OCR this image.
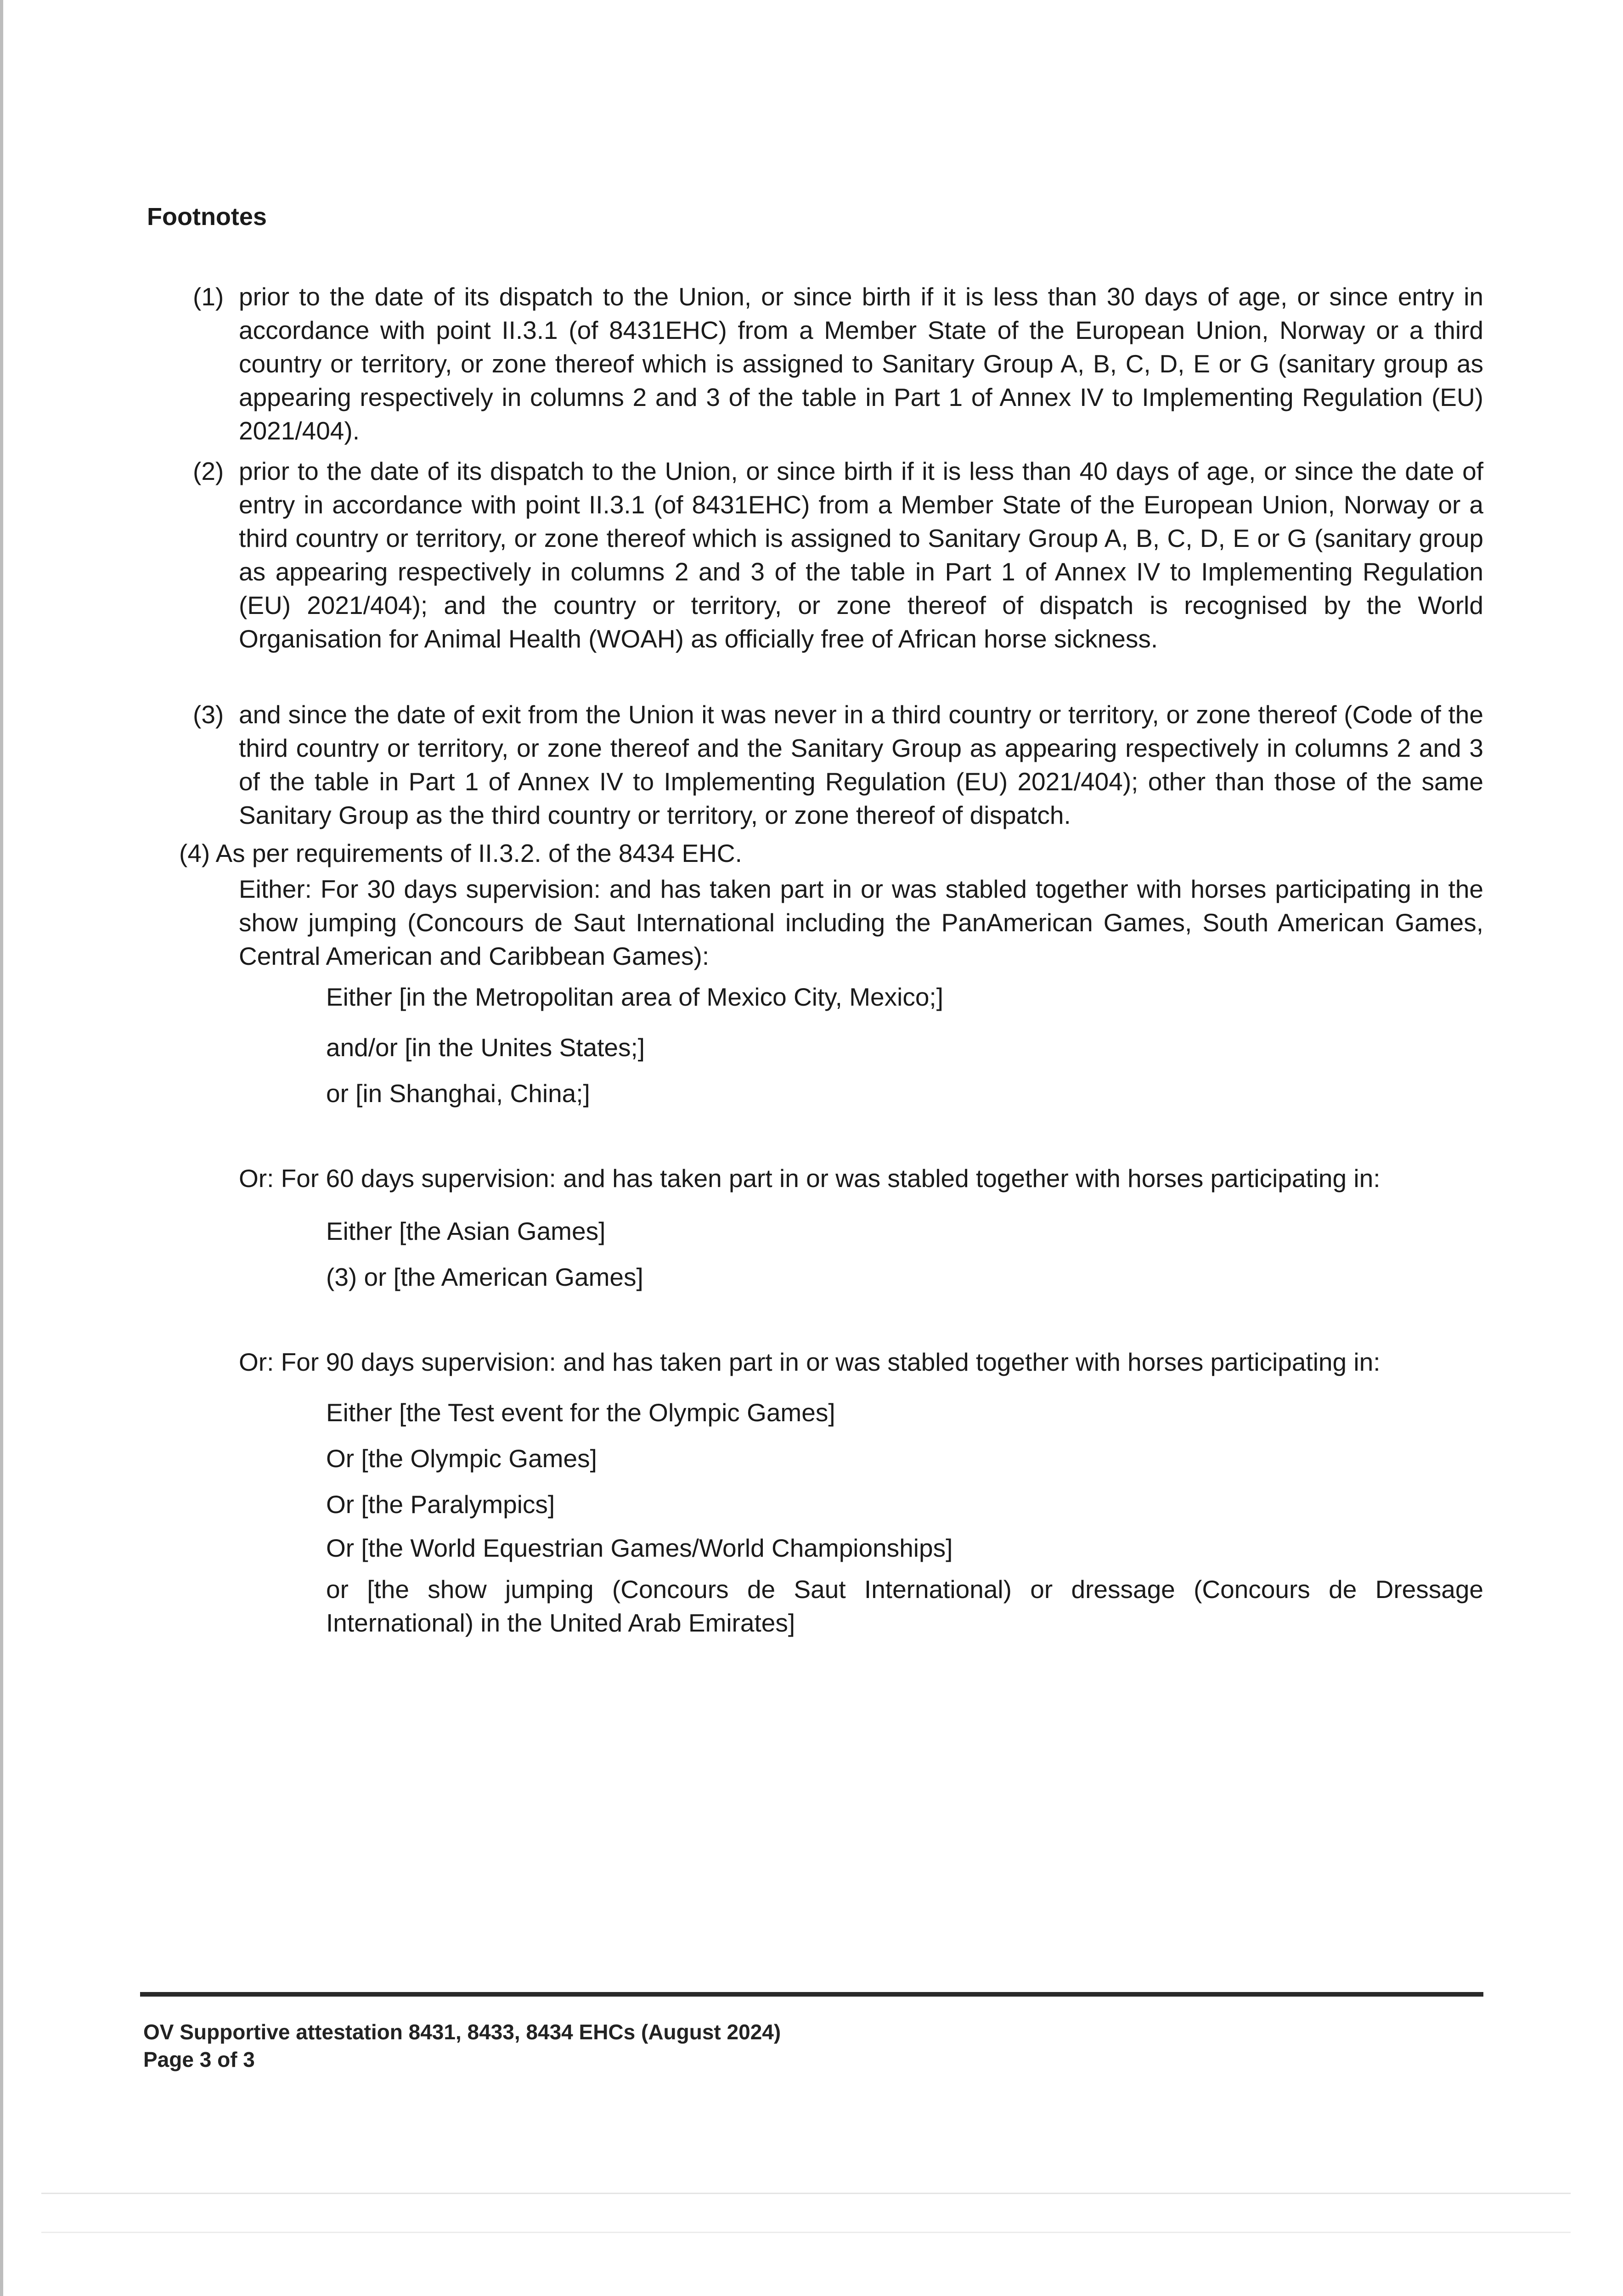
Footnotes
(1) prior to the date of its dispatch to the Union, or since birth if it is less than 30 days of age, or since entry in accordance with point II.3.1 (of 8431EHC) from a Member State of the European Union, Norway or a third country or territory, or zone thereof which is assigned to Sanitary Group A, B, C, D, E or G (sanitary group as appearing respectively in columns 2 and 3 of the table in Part 1 of Annex IV to Implementing Regulation (EU) 2021/404).
(2) prior to the date of its dispatch to the Union, or since birth if it is less than 40 days of age, or since the date of entry in accordance with point II.3.1 (of 8431EHC) from a Member State of the European Union, Norway or a third country or territory, or zone thereof which is assigned to Sanitary Group A, B, C, D, E or G (sanitary group as appearing respectively in columns 2 and 3 of the table in Part 1 of Annex IV to Implementing Regulation (EU) 2021/404); and the country or territory, or zone thereof of dispatch is recognised by the World Organisation for Animal Health (WOAH) as officially free of African horse sickness.
(3) and since the date of exit from the Union it was never in a third country or territory, or zone thereof (Code of the third country or territory, or zone thereof and the Sanitary Group as appearing respectively in columns 2 and 3 of the table in Part 1 of Annex IV to Implementing Regulation (EU) 2021/404); other than those of the same Sanitary Group as the third country or territory, or zone thereof of dispatch.

(4) As per requirements of II.3.2. of the 8434 EHC.

Either: For 30 days supervision: and has taken part in or was stabled together with horses participating in the show jumping (Concours de Saut International including the PanAmerican Games, South American Games, Central American and Caribbean Games):

Either [in the Metropolitan area of Mexico City, Mexico;]

and/or [in the Unites States;]

or [in Shanghai, China;]

Or: For 60 days supervision: and has taken part in or was stabled together with horses participating in:

Either [the Asian Games]

(3) or [the American Games]

Or: For 90 days supervision: and has taken part in or was stabled together with horses participating in:

Either [the Test event for the Olympic Games]

Or [the Olympic Games]

Or [the Paralympics]

Or [the World Equestrian Games/World Championships]

or [the show jumping (Concours de Saut International) or dressage (Concours de Dressage International) in the United Arab Emirates]

OV Supportive attestation 8431, 8433, 8434 EHCs (August 2024)

Page 3 of 3
